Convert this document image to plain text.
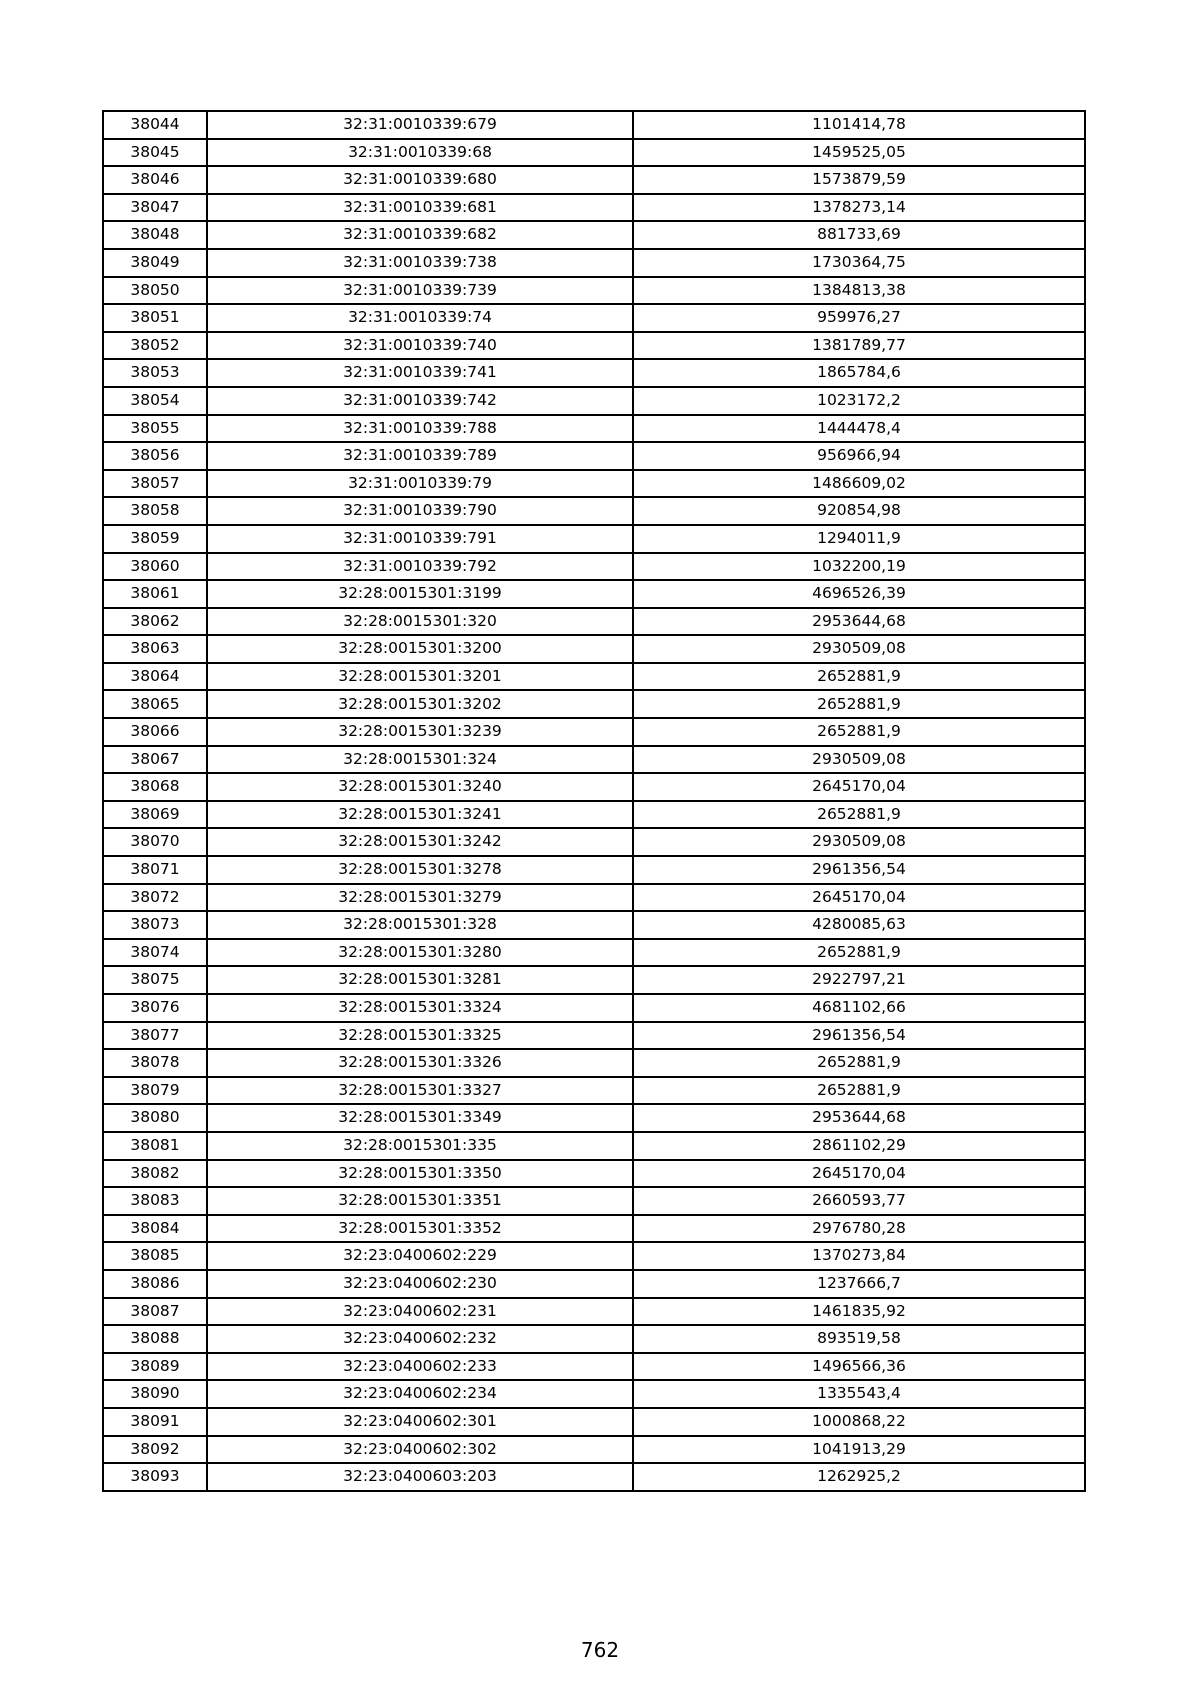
38044	32:31:0010339:679	1101414,78
38045	32:31:0010339:68	1459525,05
38046	32:31:0010339:680	1573879,59
38047	32:31:0010339:681	1378273,14
38048	32:31:0010339:682	881733,69
38049	32:31:0010339:738	1730364,75
38050	32:31:0010339:739	1384813,38
38051	32:31:0010339:74	959976,27
38052	32:31:0010339:740	1381789,77
38053	32:31:0010339:741	1865784,6
38054	32:31:0010339:742	1023172,2
38055	32:31:0010339:788	1444478,4
38056	32:31:0010339:789	956966,94
38057	32:31:0010339:79	1486609,02
38058	32:31:0010339:790	920854,98
38059	32:31:0010339:791	1294011,9
38060	32:31:0010339:792	1032200,19
38061	32:28:0015301:3199	4696526,39
38062	32:28:0015301:320	2953644,68
38063	32:28:0015301:3200	2930509,08
38064	32:28:0015301:3201	2652881,9
38065	32:28:0015301:3202	2652881,9
38066	32:28:0015301:3239	2652881,9
38067	32:28:0015301:324	2930509,08
38068	32:28:0015301:3240	2645170,04
38069	32:28:0015301:3241	2652881,9
38070	32:28:0015301:3242	2930509,08
38071	32:28:0015301:3278	2961356,54
38072	32:28:0015301:3279	2645170,04
38073	32:28:0015301:328	4280085,63
38074	32:28:0015301:3280	2652881,9
38075	32:28:0015301:3281	2922797,21
38076	32:28:0015301:3324	4681102,66
38077	32:28:0015301:3325	2961356,54
38078	32:28:0015301:3326	2652881,9
38079	32:28:0015301:3327	2652881,9
38080	32:28:0015301:3349	2953644,68
38081	32:28:0015301:335	2861102,29
38082	32:28:0015301:3350	2645170,04
38083	32:28:0015301:3351	2660593,77
38084	32:28:0015301:3352	2976780,28
38085	32:23:0400602:229	1370273,84
38086	32:23:0400602:230	1237666,7
38087	32:23:0400602:231	1461835,92
38088	32:23:0400602:232	893519,58
38089	32:23:0400602:233	1496566,36
38090	32:23:0400602:234	1335543,4
38091	32:23:0400602:301	1000868,22
38092	32:23:0400602:302	1041913,29
38093	32:23:0400603:203	1262925,2
762
